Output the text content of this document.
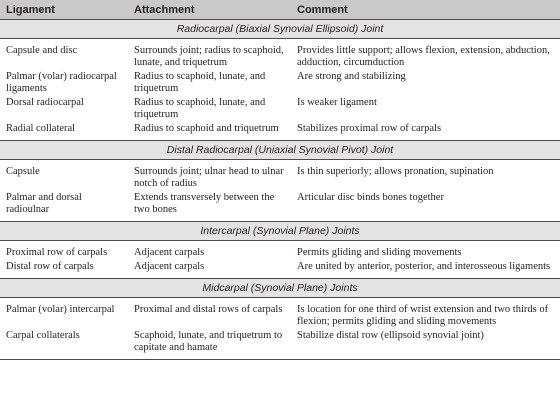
Ligament	Attachment	Comment
Radiocarpal (Biaxial Synovial Ellipsoid) Joint		
Capsule and disc	Surrounds joint; radius to scaphoid, lunate, and triquetrum	Provides little support; allows flexion, extension, abduction, adduction, circumduction
Palmar (volar) radiocarpal ligaments	Radius to scaphoid, lunate, and triquetrum	Are strong and stabilizing
Dorsal radiocarpal	Radius to scaphoid, lunate, and triquetrum	Is weaker ligament
Radial collateral	Radius to scaphoid and triquetrum	Stabilizes proximal row of carpals
Distal Radiocarpal (Uniaxial Synovial Pivot) Joint		
Capsule	Surrounds joint; ulnar head to ulnar notch of radius	Is thin superiorly; allows pronation, supination
Palmar and dorsal radioulnar	Extends transversely between the two bones	Articular disc binds bones together
Intercarpal (Synovial Plane) Joints		
Proximal row of carpals	Adjacent carpals	Permits gliding and sliding movements
Distal row of carpals	Adjacent carpals	Are united by anterior, posterior, and interosseous ligaments
Midcarpal (Synovial Plane) Joints		
Palmar (volar) intercarpal	Proximal and distal rows of carpals	Is location for one third of wrist extension and two thirds of flexion; permits gliding and sliding movements
Carpal collaterals	Scaphoid, lunate, and triquetrum to capitate and hamate	Stabilize distal row (ellipsoid synovial joint)
